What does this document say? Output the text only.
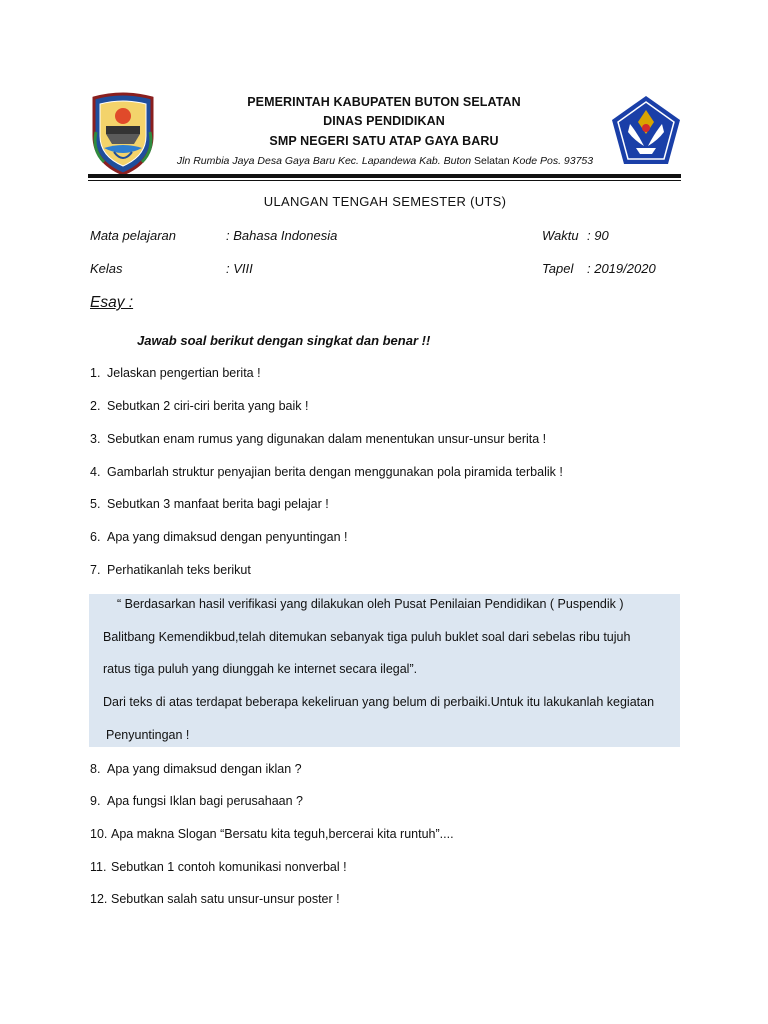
PEMERINTAH KABUPATEN BUTON SELATAN
DINAS PENDIDIKAN
SMP NEGERI SATU ATAP GAYA BARU
Jln Rumbia Jaya Desa Gaya Baru Kec. Lapandewa Kab. Buton Selatan Kode Pos. 93753
ULANGAN TENGAH SEMESTER (UTS)
Mata pelajaran	: Bahasa Indonesia	Waktu : 90
Kelas	: VIII	Tapel : 2019/2020
Esay :
Jawab soal berikut dengan singkat dan benar !!
1. Jelaskan pengertian berita !
2. Sebutkan 2 ciri-ciri berita yang baik !
3. Sebutkan enam rumus yang digunakan dalam menentukan unsur-unsur berita !
4. Gambarlah struktur penyajian berita dengan menggunakan pola piramida terbalik !
5. Sebutkan 3 manfaat berita bagi pelajar !
6. Apa yang dimaksud dengan penyuntingan !
7. Perhatikanlah teks berikut
“ Berdasarkan hasil verifikasi yang dilakukan oleh Pusat Penilaian Pendidikan ( Puspendik )
Balitbang Kemendikbud,telah ditemukan sebanyak tiga puluh buklet soal dari sebelas ribu tujuh
ratus tiga puluh yang diunggah ke internet secara ilegal”.
Dari teks di atas terdapat beberapa kekeliruan yang belum di perbaiki.Untuk itu lakukanlah kegiatan
Penyuntingan !
8. Apa yang dimaksud dengan iklan ?
9. Apa fungsi Iklan bagi perusahaan ?
10. Apa makna Slogan “Bersatu kita teguh,bercerai kita runtuh”....
11. Sebutkan 1 contoh komunikasi nonverbal !
12. Sebutkan salah satu unsur-unsur poster !
